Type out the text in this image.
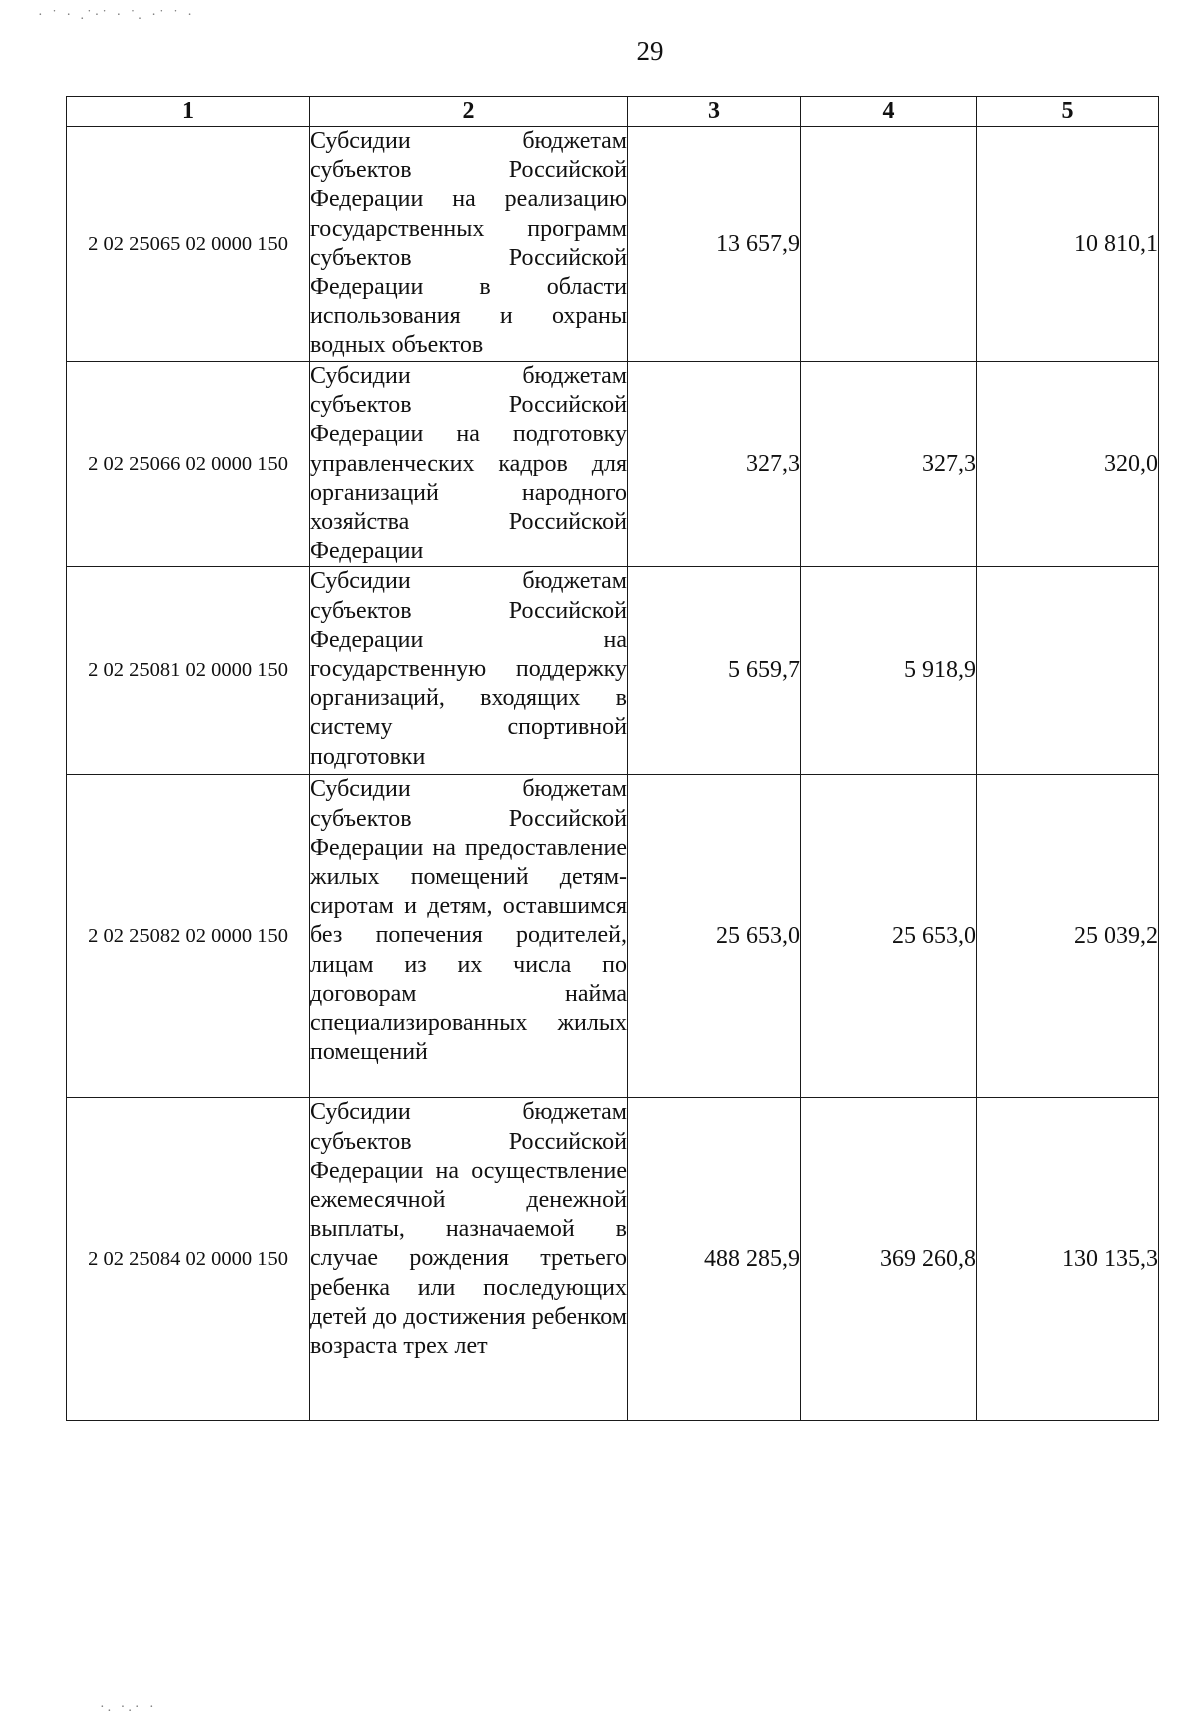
29
1	2	3	4	5
2 02 25065 02 0000 150	Субсидии бюджетам субъектов Российской Федерации на реализацию государственных программ субъектов Российской Федерации в области использования и охраны водных объектов	13 657,9		10 810,1
2 02 25066 02 0000 150	Субсидии бюджетам субъектов Российской Федерации на подготовку управленческих кадров для организаций народного хозяйства Российской Федерации	327,3	327,3	320,0
2 02 25081 02 0000 150	Субсидии бюджетам субъектов Российской Федерации на государственную поддержку организаций, входящих в систему спортивной подготовки	5 659,7	5 918,9	
2 02 25082 02 0000 150	Субсидии бюджетам субъектов Российской Федерации на предоставление жилых помещений детям-сиротам и детям, оставшимся без попечения родителей, лицам из их числа по договорам найма специализированных жилых помещений	25 653,0	25 653,0	25 039,2
2 02 25084 02 0000 150	Субсидии бюджетам субъектов Российской Федерации на осуществление ежемесячной денежной выплаты, назначаемой в случае рождения третьего ребенка или последующих детей до достижения ребенком возраста трех лет	488 285,9	369 260,8	130 135,3
· ˙ · .˙·˙ · ˙. ·˙ ˙ ·
·. ·.· ·
